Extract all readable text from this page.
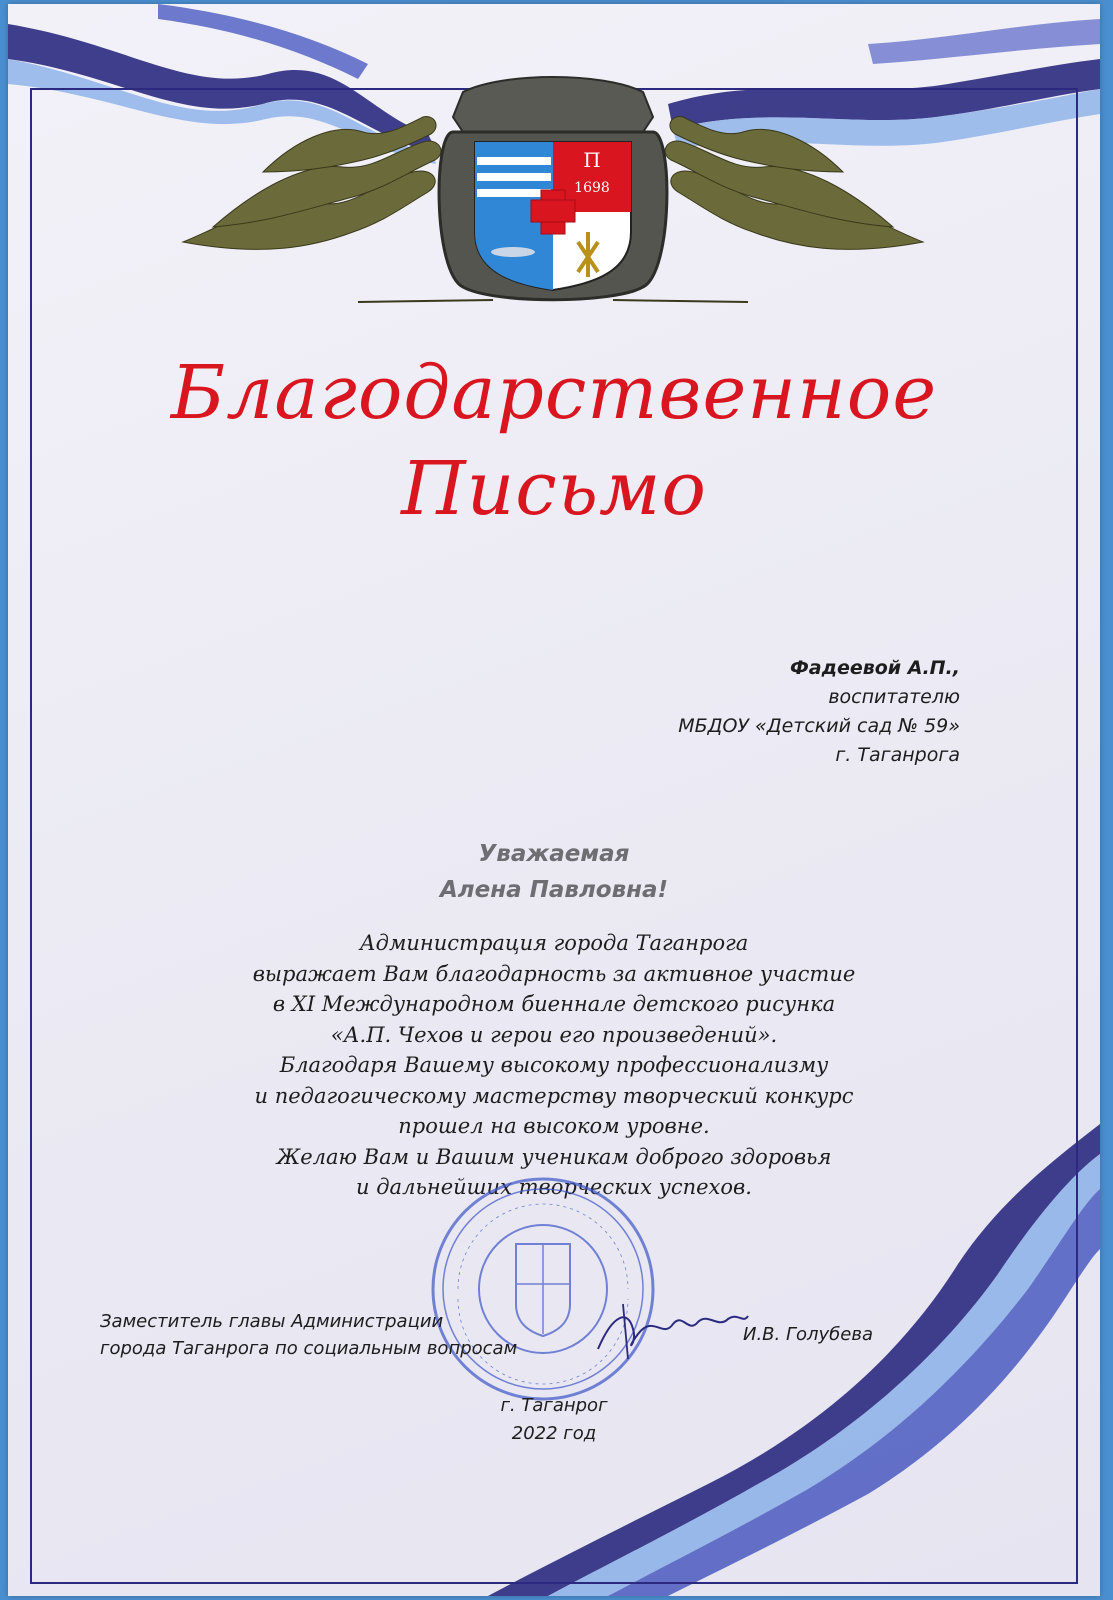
П
1698
Благодарственное
Письмо
Фадеевой А.П.,
воспитателю
МБДОУ «Детский сад № 59»
г. Таганрога
Уважаемая
Алена Павловна!
Администрация города Таганрога
выражает Вам благодарность за активное участие
в XI Международном биеннале детского рисунка
«А.П. Чехов и герои его произведений».
Благодаря Вашему высокому профессионализму
и педагогическому мастерству творческий конкурс
прошел на высоком уровне.
Желаю Вам и Вашим ученикам доброго здоровья
и дальнейших творческих успехов.
Заместитель главы Администрации
города Таганрога по социальным вопросам
И.В. Голубева
г. Таганрог
2022 год
